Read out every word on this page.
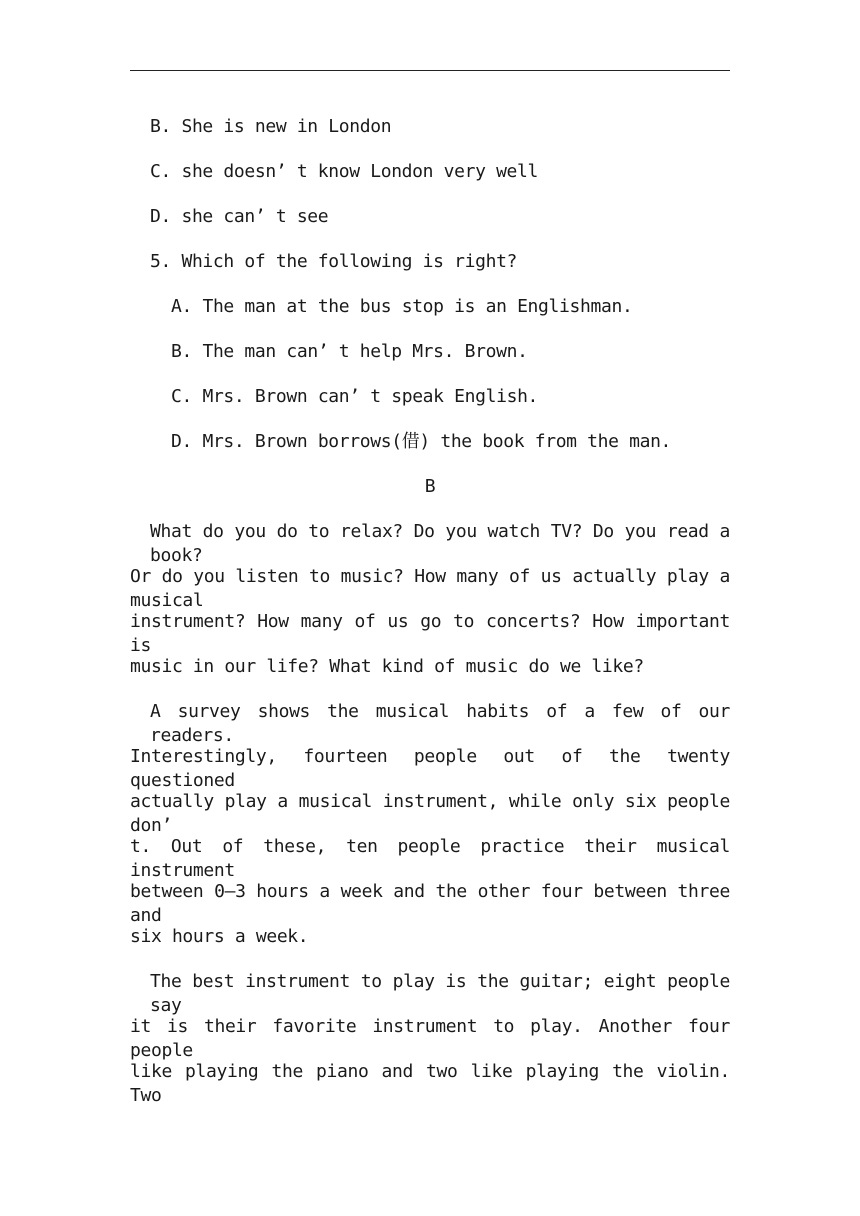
B. She is new in London
C. she doesn’ t know London very well
D. she can’ t see
5. Which of the following is right?
A. The man at the bus stop is an Englishman.
B. The man can’ t help Mrs. Brown.
C. Mrs. Brown can’ t speak English.
D. Mrs. Brown borrows(借) the book from the man.
B
What do you do to relax? Do you watch TV? Do you read a book?
Or do you listen to music? How many of us actually play a musical
instrument? How many of us go to concerts? How important is
music in our life? What kind of music do we like?
A survey shows the musical habits of a few of our readers.
Interestingly, fourteen people out of the twenty questioned
actually play a musical instrument, while only six people don’
t. Out of these, ten people practice their musical instrument
between 0—3 hours a week and the other four between three and
six hours a week.
The best instrument to play is the guitar; eight people say
it is their favorite instrument to play. Another four people
like playing the piano and two like playing the violin. Two
